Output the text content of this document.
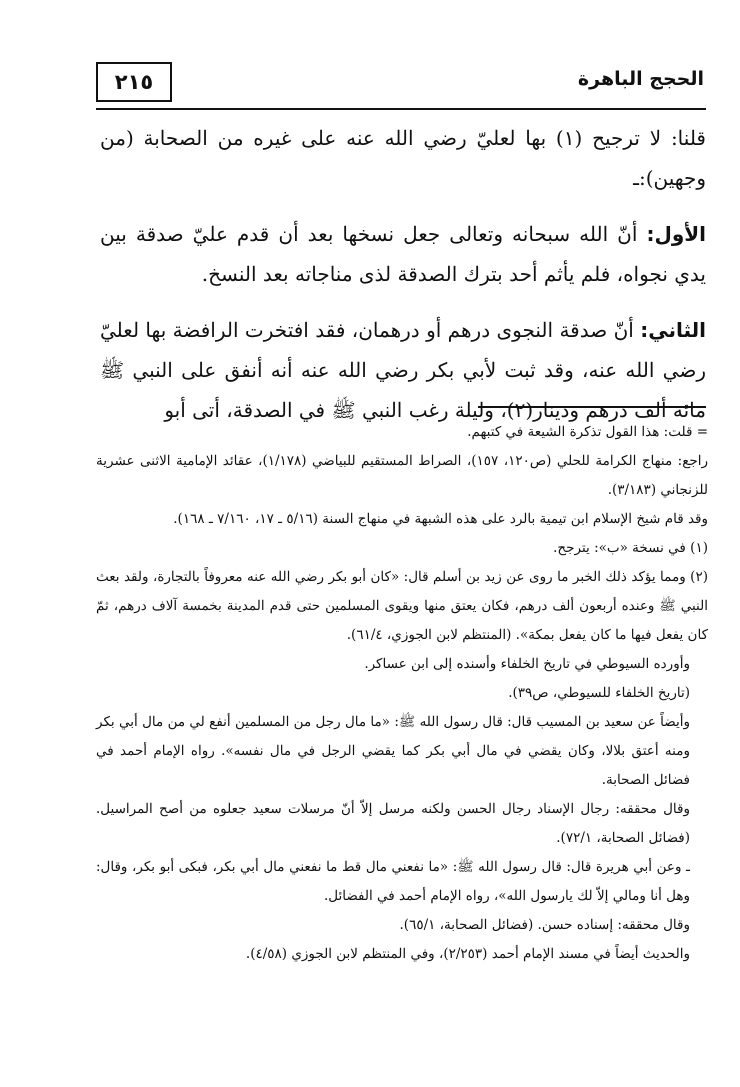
٢١٥	الحجج الباهرة

قلنا: لا ترجيح (١) بها لعليّ رضي الله عنه على غيره من الصحابة (من وجهين):ـ

الأول: أنّ الله سبحانه وتعالى جعل نسخها بعد أن قدم عليّ صدقة بين يدي نجواه، فلم يأثم أحد بترك الصدقة لذى مناجاته بعد النسخ.

الثاني: أنّ صدقة النجوى درهم أو درهمان، فقد افتخرت الرافضة بها لعليّ رضي الله عنه، وقد ثبت لأبي بكر رضي الله عنه أنه أنفق على النبي ﷺ مائة ألف درهم ودينار(٢)، وليلة رغب النبي ﷺ في الصدقة، أتى أبو

= قلت: هذا القول تذكرة الشيعة في كتبهم.

راجع: منهاج الكرامة للحلي (ص١٢٠، ١٥٧)، الصراط المستقيم للبياضي (١/١٧٨)، عقائد الإمامية الاثنى عشرية للزنجاني (٣/١٨٣).

وقد قام شيخ الإسلام ابن تيمية بالرد على هذه الشبهة في منهاج السنة (٥/١٦ ـ ١٧، ٧/١٦٠ ـ ١٦٨).

(١) في نسخة «ب»: يترجح.

(٢) ومما يؤكد ذلك الخبر ما روى عن زيد بن أسلم قال: «كان أبو بكر رضي الله عنه معروفاً بالتجارة، ولقد بعث النبي ﷺ وعنده أربعون ألف درهم، فكان يعتق منها ويقوى المسلمين حتى قدم المدينة بخمسة آلاف درهم، ثمّ كان يفعل فيها ما كان يفعل بمكة». (المنتظم لابن الجوزي، ٦١/٤).

وأورده السيوطي في تاريخ الخلفاء وأسنده إلى ابن عساكر.

(تاريخ الخلفاء للسيوطي، ص٣٩).

وأيضاً عن سعيد بن المسيب قال: قال رسول الله ﷺ: «ما مال رجل من المسلمين أنفع لي من مال أبي بكر ومنه أعتق بلالا، وكان يقضي في مال أبي بكر كما يقضي الرجل في مال نفسه». رواه الإمام أحمد في فضائل الصحابة.

وقال محققه: رجال الإسناد رجال الحسن ولكنه مرسل إلاّ أنّ مرسلات سعيد جعلوه من أصح المراسيل. (فضائل الصحابة، ٧٢/١).

ـ وعن أبي هريرة قال: قال رسول الله ﷺ: «ما نفعني مال قط ما نفعني مال أبي بكر، فبكى أبو بكر، وقال: وهل أنا ومالي إلاّ لك يارسول الله»، رواه الإمام أحمد في الفضائل.

وقال محققه: إسناده حسن. (فضائل الصحابة، ٦٥/١).

والحديث أيضاً في مسند الإمام أحمد (٢/٢٥٣)، وفي المنتظم لابن الجوزي (٤/٥٨).
